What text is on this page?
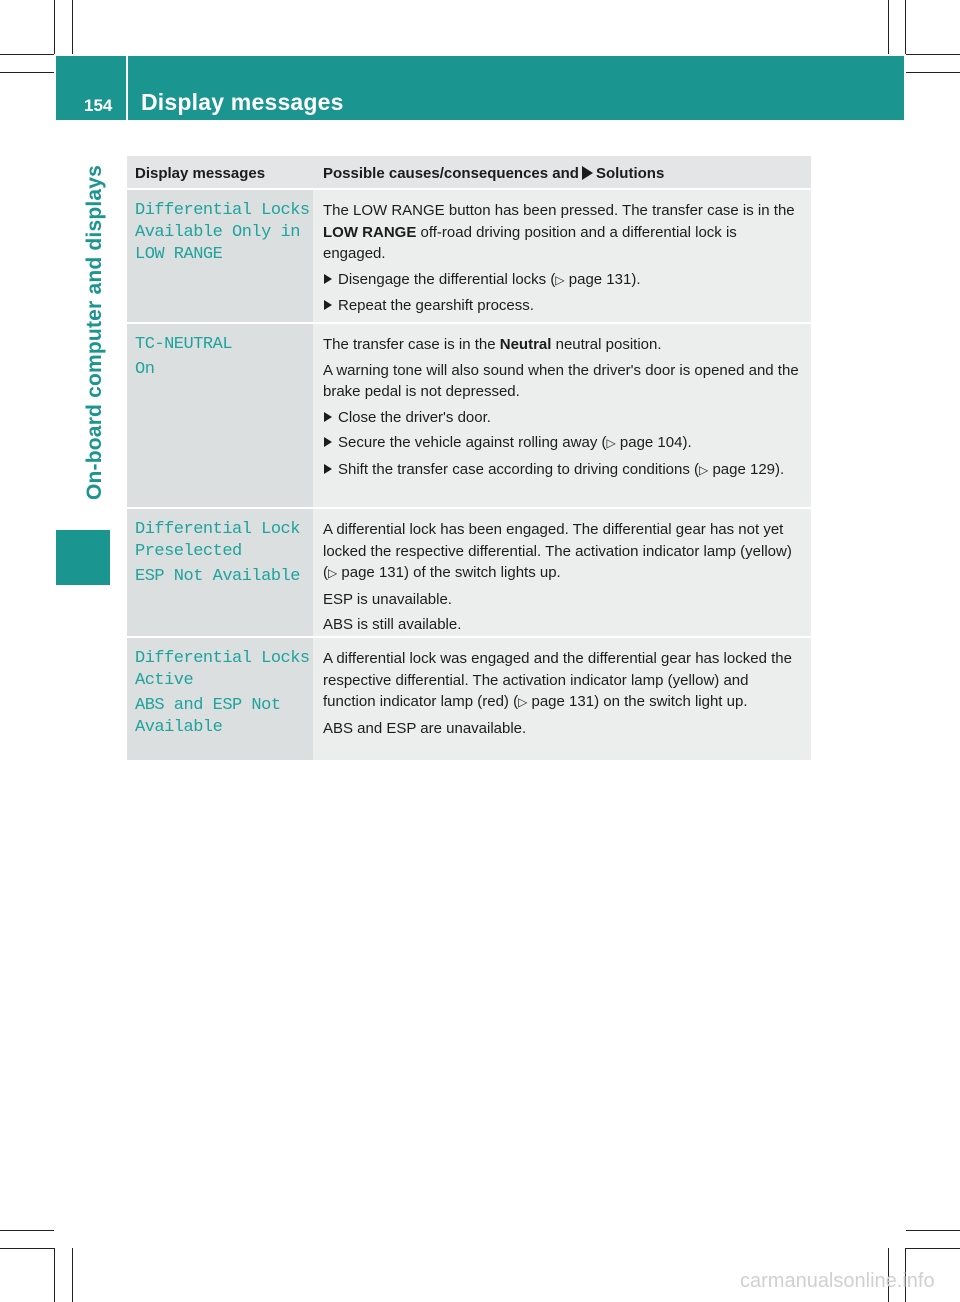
154 Display messages
On-board computer and displays	Display messages	Possible causes/consequences and Solutions
Differential Locks
Available Only in
LOW RANGE

The LOW RANGE button has been pressed. The transfer case is in the LOW RANGE off-road driving position and a differential lock is engaged.

Disengage the differential locks (▷ page 131).
Repeat the gearshift process.
TC-NEUTRAL
On

The transfer case is in the Neutral neutral position.

A warning tone will also sound when the driver's door is opened and the brake pedal is not depressed.

Close the driver's door.
Secure the vehicle against rolling away (▷ page 104).
Shift the transfer case according to driving conditions (▷ page 129).
Differential Lock
Preselected
ESP Not Available

A differential lock has been engaged. The differential gear has not yet locked the respective differential. The activation indicator lamp (yellow) (▷ page 131) of the switch lights up.

ESP is unavailable.

ABS is still available.

Differential Locks
Active
ABS and ESP Not
Available

A differential lock was engaged and the differential gear has locked the respective differential. The activation indicator lamp (yellow) and function indicator lamp (red) (▷ page 131) on the switch light up.

ABS and ESP are unavailable.

carmanualsonline.info
